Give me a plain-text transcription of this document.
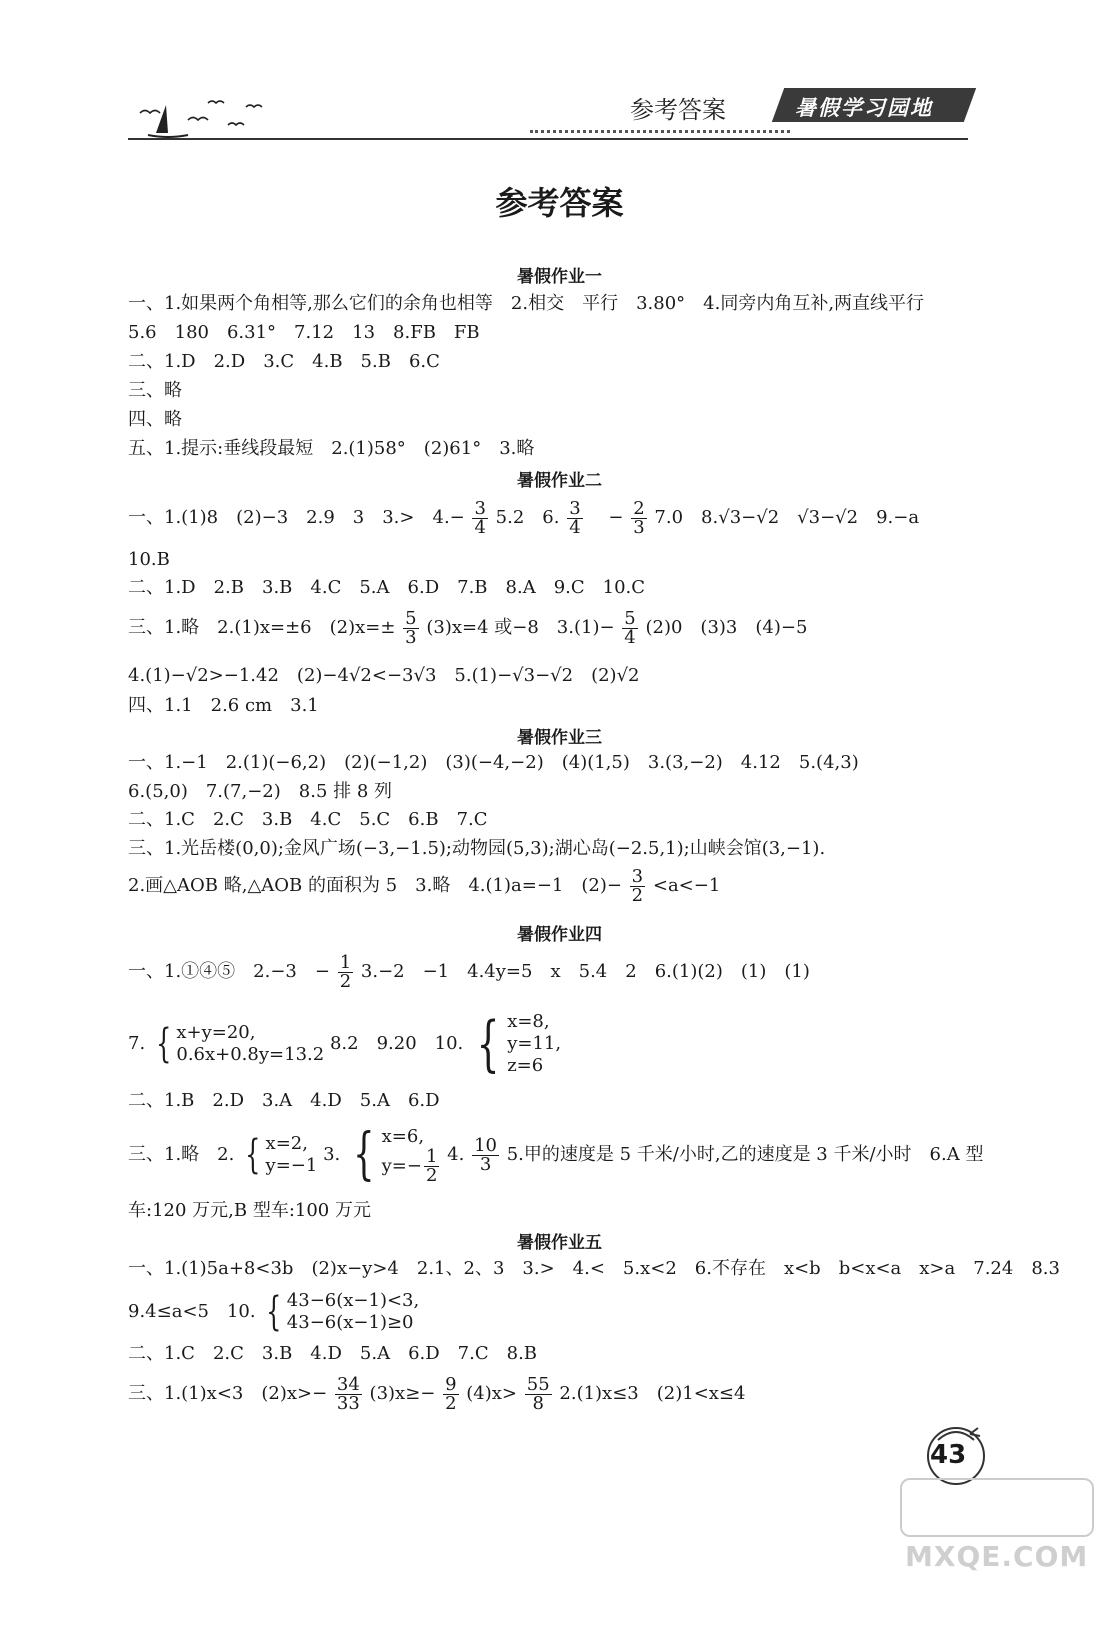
参考答案	暑假学习园地
参考答案
暑假作业一
一、1.如果两个角相等,那么它们的余角也相等　2.相交　平行　3.80°　4.同旁内角互补,两直线平行
5.6　180　6.31°　7.12　13　8.FB　FB
二、1.D　2.D　3.C　4.B　5.B　6.C
三、略
四、略
五、1.提示:垂线段最短　2.(1)58°　(2)61°　3.略
暑假作业二
一、1.(1)8　(2)−3　2.9　3　3.>　$4.- \frac{3}{4} 5.2$　6. $\frac{3}{4}$ 　− $\frac{2}{3} 7.0$　8.√3−√2　√3−√2　9.−a
10.B
二、1.D　2.B　3.B　4.C　5.A　6.D　7.B　8.A　9.C　10.C
三、1.略　2.(1)x=±6　$(2)x=\pm \frac{5}{3} (3)x=4$ 或−8　$3.(1)- \frac{5}{4} (2)0$　(3)3　(4)−5
4.(1)−√2>−1.42　(2)−4√2<−3√3　5.(1)−√3−√2　(2)√2
四、1.1　2.6 cm　3.1
暑假作业三
一、1.−1　2.(1)(−6,2)　(2)(−1,2)　(3)(−4,−2)　(4)(1,5)　3.(3,−2)　4.12　5.(4,3)
6.(5,0)　7.(7,−2)　8.5 排 8 列
二、1.C　2.C　3.B　4.C　5.C　6.B　7.C
三、1.光岳楼(0,0);金风广场(−3,−1.5);动物园(5,3);湖心岛(−2.5,1);山峡会馆(3,−1).
2.画△AOB 略,△AOB 的面积为 5　3.略　4.(1)a=−1　$(2)- \frac{3}{2} <a<-1$
暑假作业四
一、1.①④⑤　2.−3　− $\frac{1}{2} 3.-2$　−1　4.4y=5　x　5.4　2　6.(1)(2)　(1)　(1)
7. { x+y=20,
0.6x+0.8y=13.2
8.2　9.20　10. { x=8,
y=11,
z=6
二、1.B　2.D　3.A　4.D　5.A　6.D
三、1.略　2. { x=2,
y=−1
3. { x=6,
$y=- \frac{1}{2} 4$. $\frac{10}{3} 5$.甲的速度是 5 千米/小时,乙的速度是 3 千米/小时　6.A 型
车:120 万元,B 型车:100 万元
暑假作业五
一、1.(1)5a+8<3b　(2)x−y>4　2.1、2、3　3.>　4.<　5.x<2　6.不存在　x<b　b<x<a　x>a　7.24　8.3
9.4≤a<5　10. { 43−6(x−1)<3,
43−6(x−1)≥0
二、1.C　2.C　3.B　4.D　5.A　6.D　7.C　8.B
三、1.(1)x<3　$(2)x>- \frac{34}{33} (3)x\ge- \frac{9}{2} (4)x> \frac{55}{8} 2.(1)x\le 3$　(2)1<x≤4
43
MXQE.COM
